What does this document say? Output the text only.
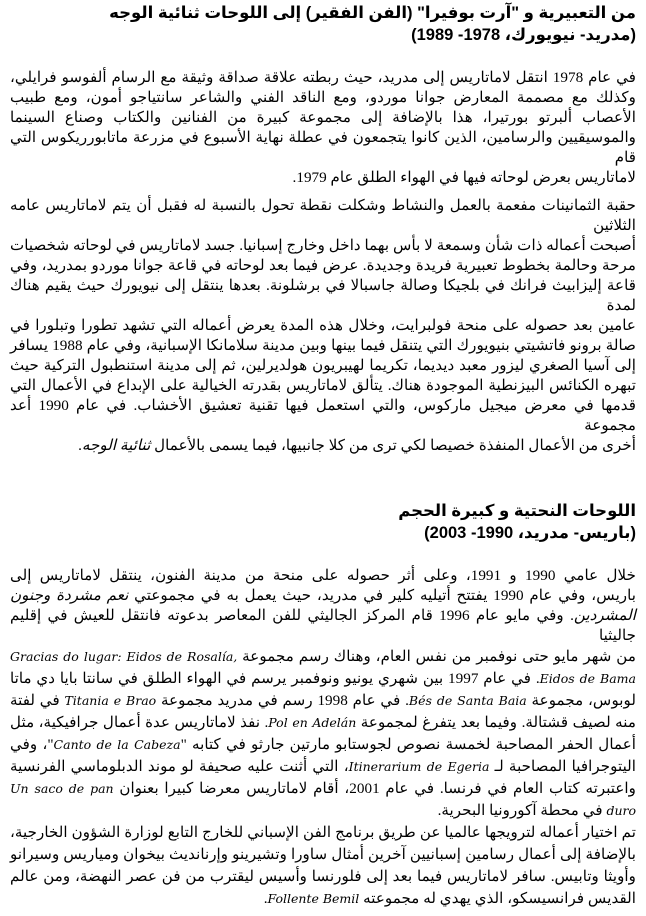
من التعبيرية و "آرت بوفيرا" (الفن الفقير) إلى اللوحات ثنائية الوجه
(مدريد- نيويورك، 1978- 1989)
في عام 1978 انتقل لاماتاريس إلى مدريد، حيث ربطته علاقة صداقة وثيقة مع الرسام ألفوسو فرايلي،
وكذلك مع مصممة المعارض جوانا موردو، ومع الناقد الفني والشاعر سانتياجو أمون، ومع طبيب
الأعصاب ألبرتو بورتيرا، هذا بالإضافة إلى مجموعة كبيرة من الفنانين والكتاب وصناع السينما
والموسيقيين والرسامين، الذين كانوا يتجمعون في عطلة نهاية الأسبوع في مزرعة ماتابورريكوس التي قام
لاماتاريس بعرض لوحاته فيها في الهواء الطلق عام 1979.
حقبة الثمانينات مفعمة بالعمل والنشاط وشكلت نقطة تحول بالنسبة له فقبل أن يتم لاماتاريس عامه الثلاثين
أصبحت أعماله ذات شأن وسمعة لا بأس بهما داخل وخارج إسبانيا. جسد لاماتاريس في لوحاته شخصيات
مرحة وحالمة بخطوط تعبيرية فريدة وجديدة. عرض فيما بعد لوحاته في قاعة جوانا موردو بمدريد، وفي
قاعة إليزابيث فرانك في بلجيكا وصالة جاسبالا في برشلونة. بعدها ينتقل إلى نيويورك حيث يقيم هناك لمدة
عامين بعد حصوله على منحة فولبرايت، وخلال هذه المدة يعرض أعماله التي تشهد تطورا وتبلورا في
صالة برونو فاتشيتي بنيويورك التي يتنقل فيما بينها وبين مدينة سلامانكا الإسبانية، وفي عام 1988 يسافر
إلى آسيا الصغري ليزور معبد ديديما، تكريما لهيبريون هولديرلين، ثم إلى مدينة استنطبول التركية حيث
تبهره الكنائس البيزنطية الموجودة هناك. يتألق لاماتاريس بقدرته الخيالية على الإبداع في الأعمال التي
قدمها في معرض ميجيل ماركوس، والتي استعمل فيها تقنية تعشيق الأخشاب. في عام 1990 أعد مجموعة
أخرى من الأعمال المنفذة خصيصا لكي ترى من كلا جانبيها، فيما يسمى بالأعمال ثنائية الوجه.
اللوحات النحتية و كبيرة الحجم
(باريس- مدريد، 1990- 2003)
خلال عامي 1990 و 1991، وعلى أثر حصوله على منحة من مدينة الفنون، ينتقل لاماتاريس إلى
باريس، وفي عام 1990 يفتتح أتيليه كلير في مدريد، حيث يعمل به في مجموعتي نعم مشردة وجنون
المشردين. وفي مايو عام 1996 قام المركز الجاليثي للفن المعاصر بدعوته فانتقل للعيش في إقليم جاليثيا
من شهر مايو حتى نوفمبر من نفس العام، وهناك رسم مجموعة Gracias do lugar: Eidos de Rosalía,
Eidos de Bama. في عام 1997 بين شهري يونيو ونوفمبر يرسم في الهواء الطلق في سانتا بايا دي ماتا
لوبوس، مجموعة Bés de Santa Baia. في عام 1998 رسم في مدريد مجموعة Titania e Brao في لفتة
منه لصيف قشتالة. وفيما بعد يتفرغ لمجموعة Pol en Adelán. نفذ لاماتاريس عدة أعمال جرافيكية، مثل
أعمال الحفر المصاحبة لخمسة نصوص لجوستابو مارتين جارثو في كتابه "Canto de la Cabeza"، وفي
اليتوجرافيا المصاحبة لـ Itinerarium de Egeria، التي أثنت عليه صحيفة لو موند الدبلوماسي الفرنسية
واعتبرته كتاب العام في فرنسا. في عام 2001، أقام لاماتاريس معرضا كبيرا بعنوان Un saco de pan
duro في محطة آكورونيا البحرية.
تم اختيار أعماله لترويجها عالميا عن طريق برنامج الفن الإسباني للخارج التابع لوزارة الشؤون الخارجية،
بالإضافة إلى أعمال رسامين إسبانيين آخرين أمثال ساورا وتشيرينو وإرنانديث بيخوان ومياريس وسيرانو
وأويثا وتابيس. سافر لاماتاريس فيما بعد إلى فلورنسا وأسيس ليقترب من فن عصر النهضة، ومن عالم
القديس فرانسيسكو، الذي يهدي له مجموعته Follente Bemil.
